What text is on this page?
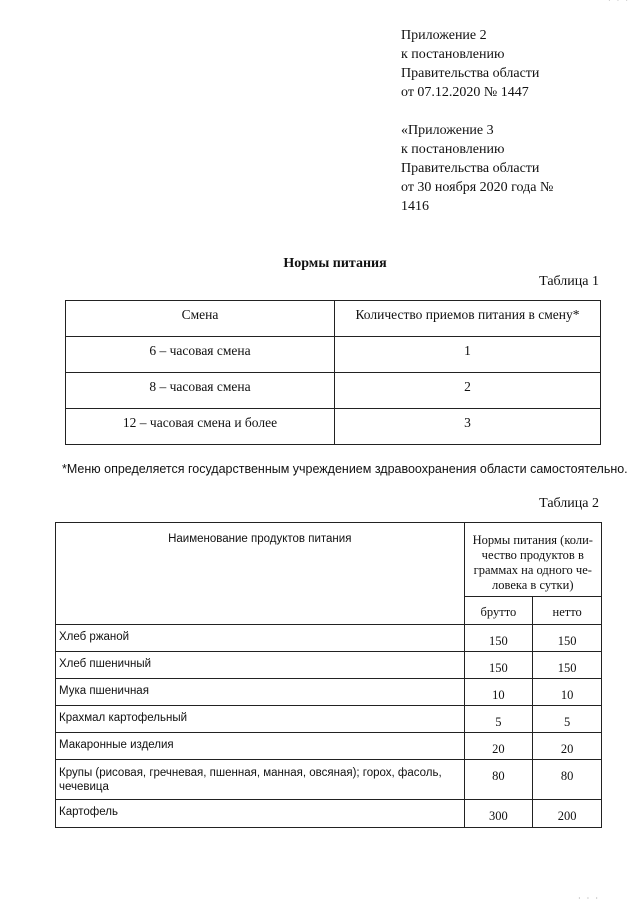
· · ·
Приложение 2
к постановлению
Правительства области
от 07.12.2020 № 1447
«Приложение 3
к постановлению
Правительства области
от 30 ноября 2020 года №
1416
Нормы питания
Таблица 1
Смена	Количество приемов питания в смену*
6 – часовая смена	1
8 – часовая смена	2
12 – часовая смена и более	3
*Меню определяется государственным учреждением здравоохранения области самостоятельно.
Таблица 2
Наименование продуктов питания	Нормы питания (коли-
чество продуктов в
граммах на одного че-
ловека в сутки)	

	брутто	нетто
Хлеб ржаной	150	150
Хлеб пшеничный	150	150
Мука пшеничная	10	10
Крахмал картофельный	5	5
Макаронные изделия	20	20
Крупы (рисовая, гречневая, пшенная, манная, овсяная); горох, фасоль, чечевица	80	80
Картофель	300	200
· · ·
